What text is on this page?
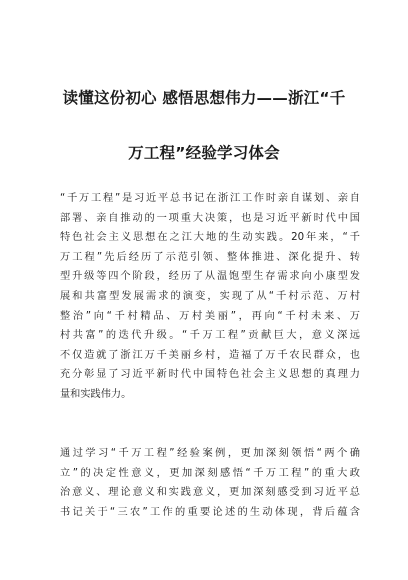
读懂这份初心 感悟思想伟力——浙江“千
万工程”经验学习体会
“千万工程”是习近平总书记在浙江工作时亲自谋划、亲自
部署、亲自推动的一项重大决策，也是习近平新时代中国
特色社会主义思想在之江大地的生动实践。20年来，“千
万工程”先后经历了示范引领、整体推进、深化提升、转
型升级等四个阶段，经历了从温饱型生存需求向小康型发
展和共富型发展需求的演变，实现了从“千村示范、万村
整治”向“千村精品、万村美丽”，再向“千村未来、万
村共富”的迭代升级。“千万工程”贡献巨大，意义深远
不仅造就了浙江万千美丽乡村，造福了万千农民群众，也
充分彰显了习近平新时代中国特色社会主义思想的真理力
量和实践伟力。
通过学习“千万工程”经验案例，更加深刻领悟“两个确
立”的决定性意义，更加深刻感悟“千万工程”的重大政
治意义、理论意义和实践意义，更加深刻感受到习近平总
书记关于“三农”工作的重要论述的生动体现，背后蕴含
